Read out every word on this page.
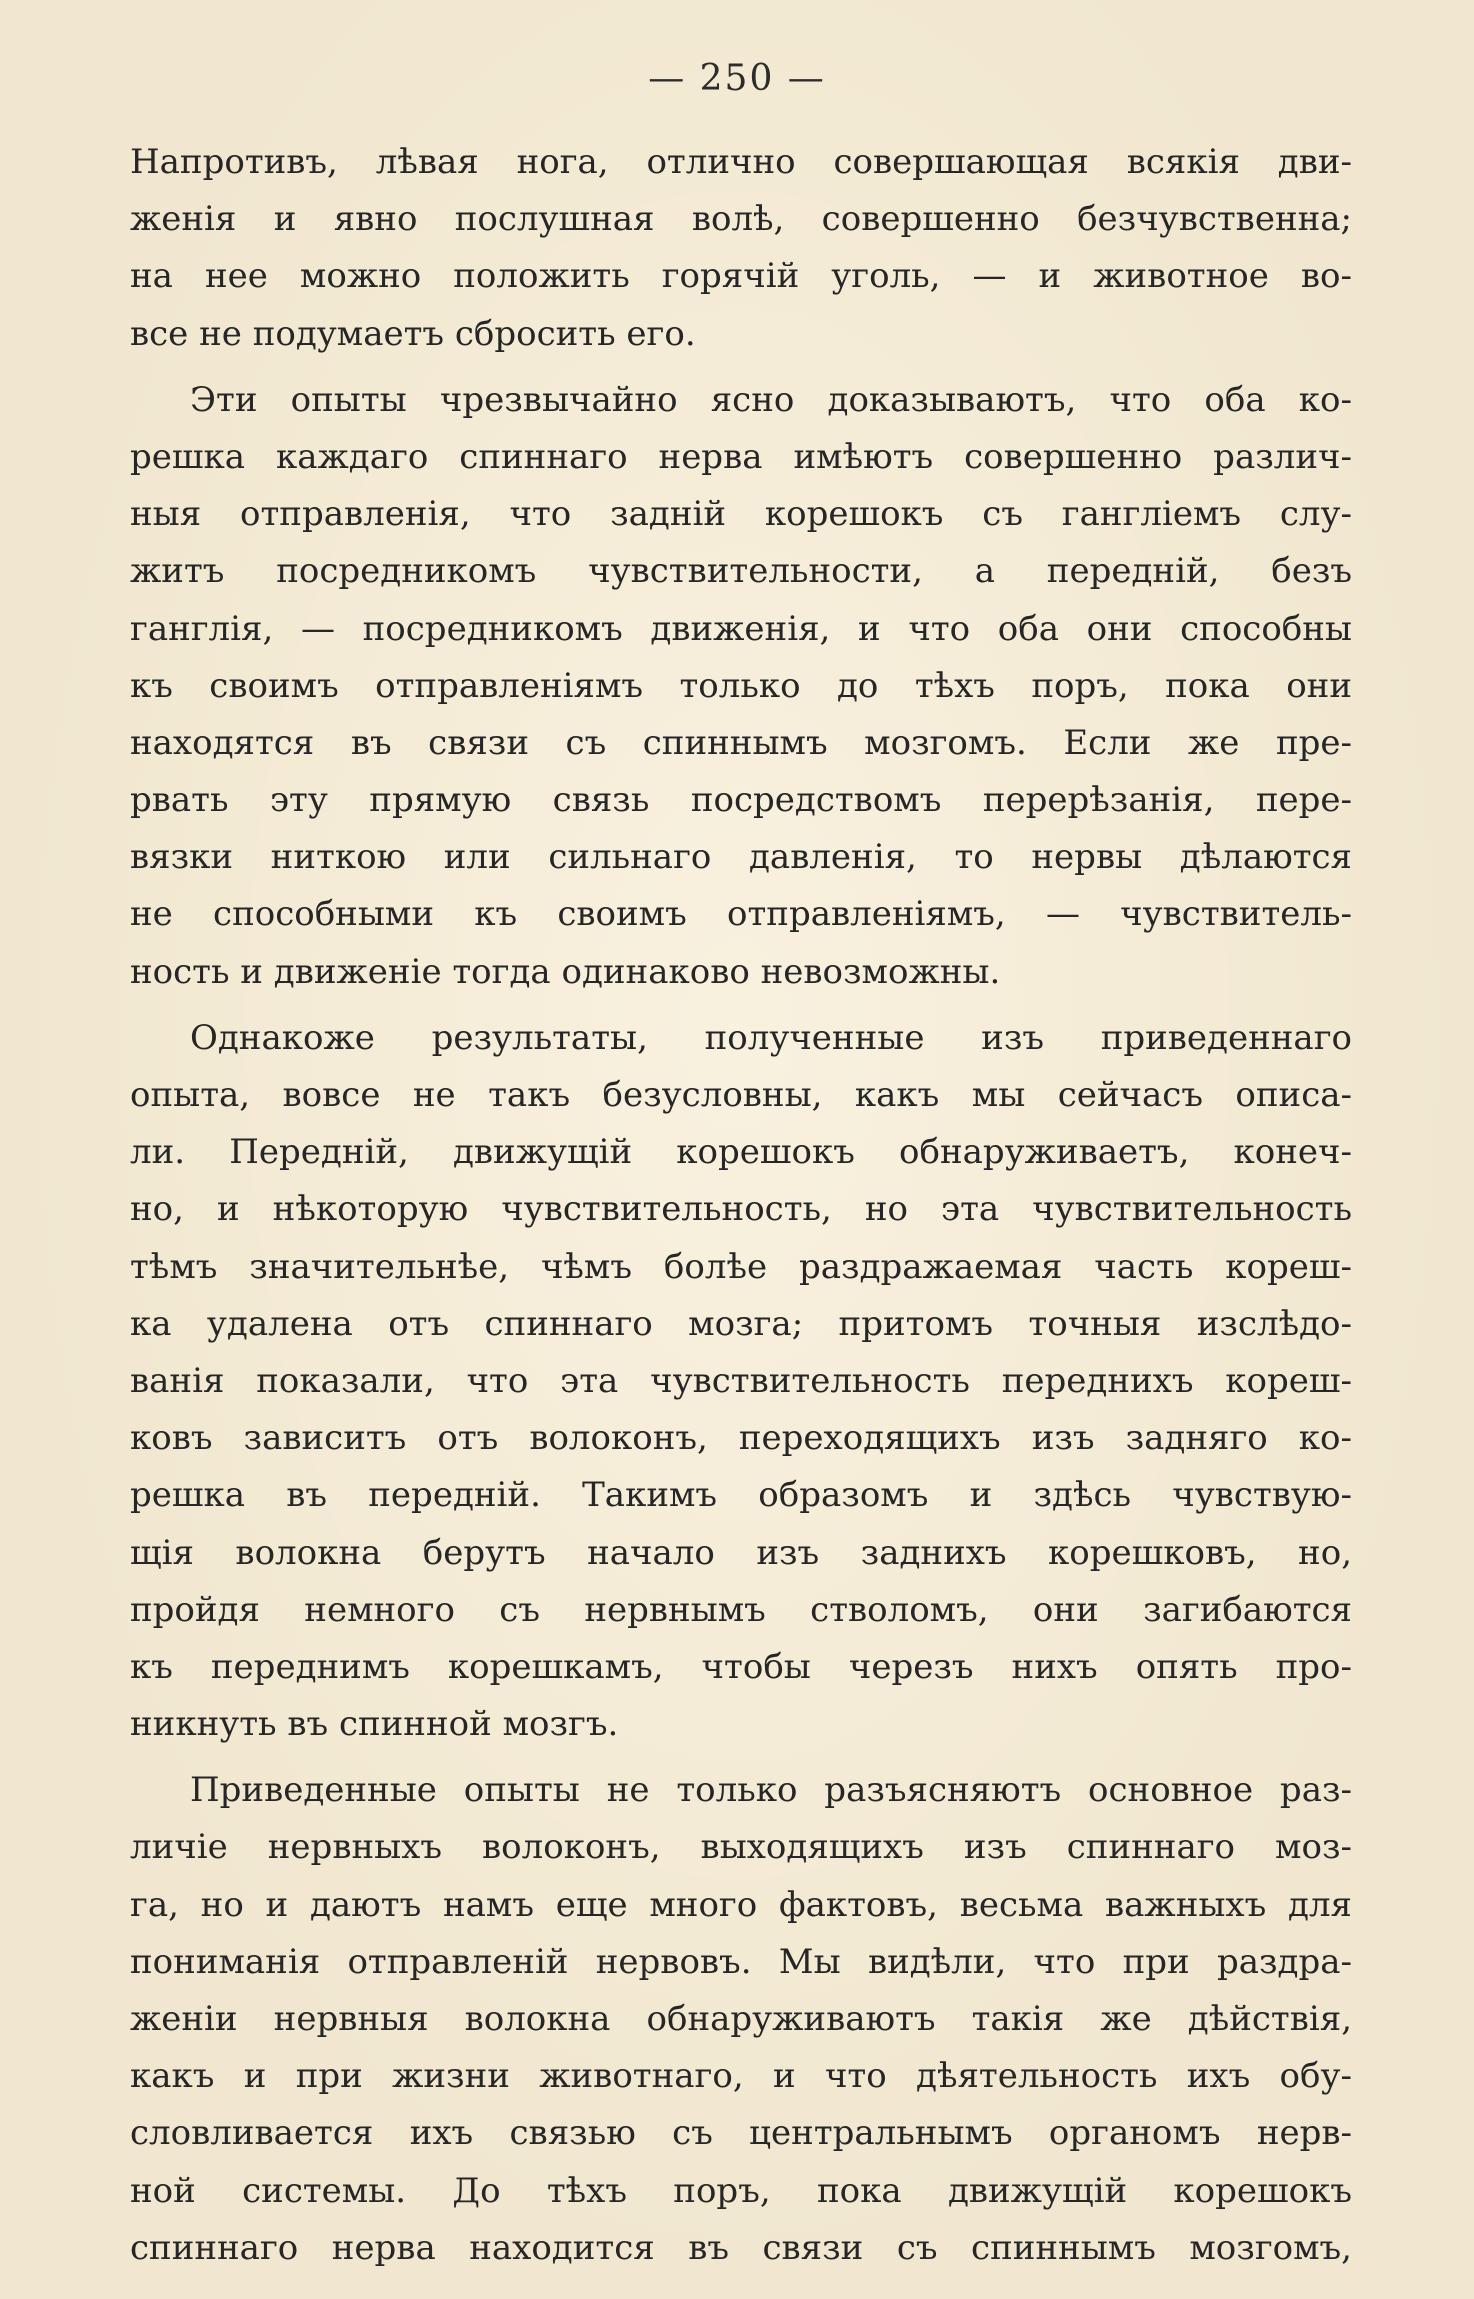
— 250 —
Напротивъ, лѣвая нога, отлично совершающая всякія дви-
женія и явно послушная волѣ, совершенно безчувственна;
на нее можно положить горячій уголь, — и животное во-
все не подумаетъ сбросить его.
Эти опыты чрезвычайно ясно доказываютъ, что оба ко-
решка каждаго спиннаго нерва имѣютъ совершенно различ-
ныя отправленія, что задній корешокъ съ гангліемъ слу-
житъ посредникомъ чувствительности, а передній, безъ
ганглія, — посредникомъ движенія, и что оба они способны
къ своимъ отправленіямъ только до тѣхъ поръ, пока они
находятся въ связи съ спиннымъ мозгомъ. Если же пре-
рвать эту прямую связь посредствомъ перерѣзанія, пере-
вязки ниткою или сильнаго давленія, то нервы дѣлаются
не способными къ своимъ отправленіямъ, — чувствитель-
ность и движеніе тогда одинаково невозможны.
Однакоже результаты, полученные изъ приведеннаго
опыта, вовсе не такъ безусловны, какъ мы сейчасъ описа-
ли. Передній, движущій корешокъ обнаруживаетъ, конеч-
но, и нѣкоторую чувствительность, но эта чувствительность
тѣмъ значительнѣе, чѣмъ болѣе раздражаемая часть кореш-
ка удалена отъ спиннаго мозга; притомъ точныя изслѣдо-
ванія показали, что эта чувствительность переднихъ кореш-
ковъ зависитъ отъ волоконъ, переходящихъ изъ задняго ко-
решка въ передній. Такимъ образомъ и здѣсь чувствую-
щія волокна берутъ начало изъ заднихъ корешковъ, но,
пройдя немного съ нервнымъ стволомъ, они загибаются
къ переднимъ корешкамъ, чтобы черезъ нихъ опять про-
никнуть въ спинной мозгъ.
Приведенные опыты не только разъясняютъ основное раз-
личіе нервныхъ волоконъ, выходящихъ изъ спиннаго моз-
га, но и даютъ намъ еще много фактовъ, весьма важныхъ для
пониманія отправленій нервовъ. Мы видѣли, что при раздра-
женіи нервныя волокна обнаруживаютъ такія же дѣйствія,
какъ и при жизни животнаго, и что дѣятельность ихъ обу-
словливается ихъ связью съ центральнымъ органомъ нерв-
ной системы. До тѣхъ поръ, пока движущій корешокъ
спиннаго нерва находится въ связи съ спиннымъ мозгомъ,
